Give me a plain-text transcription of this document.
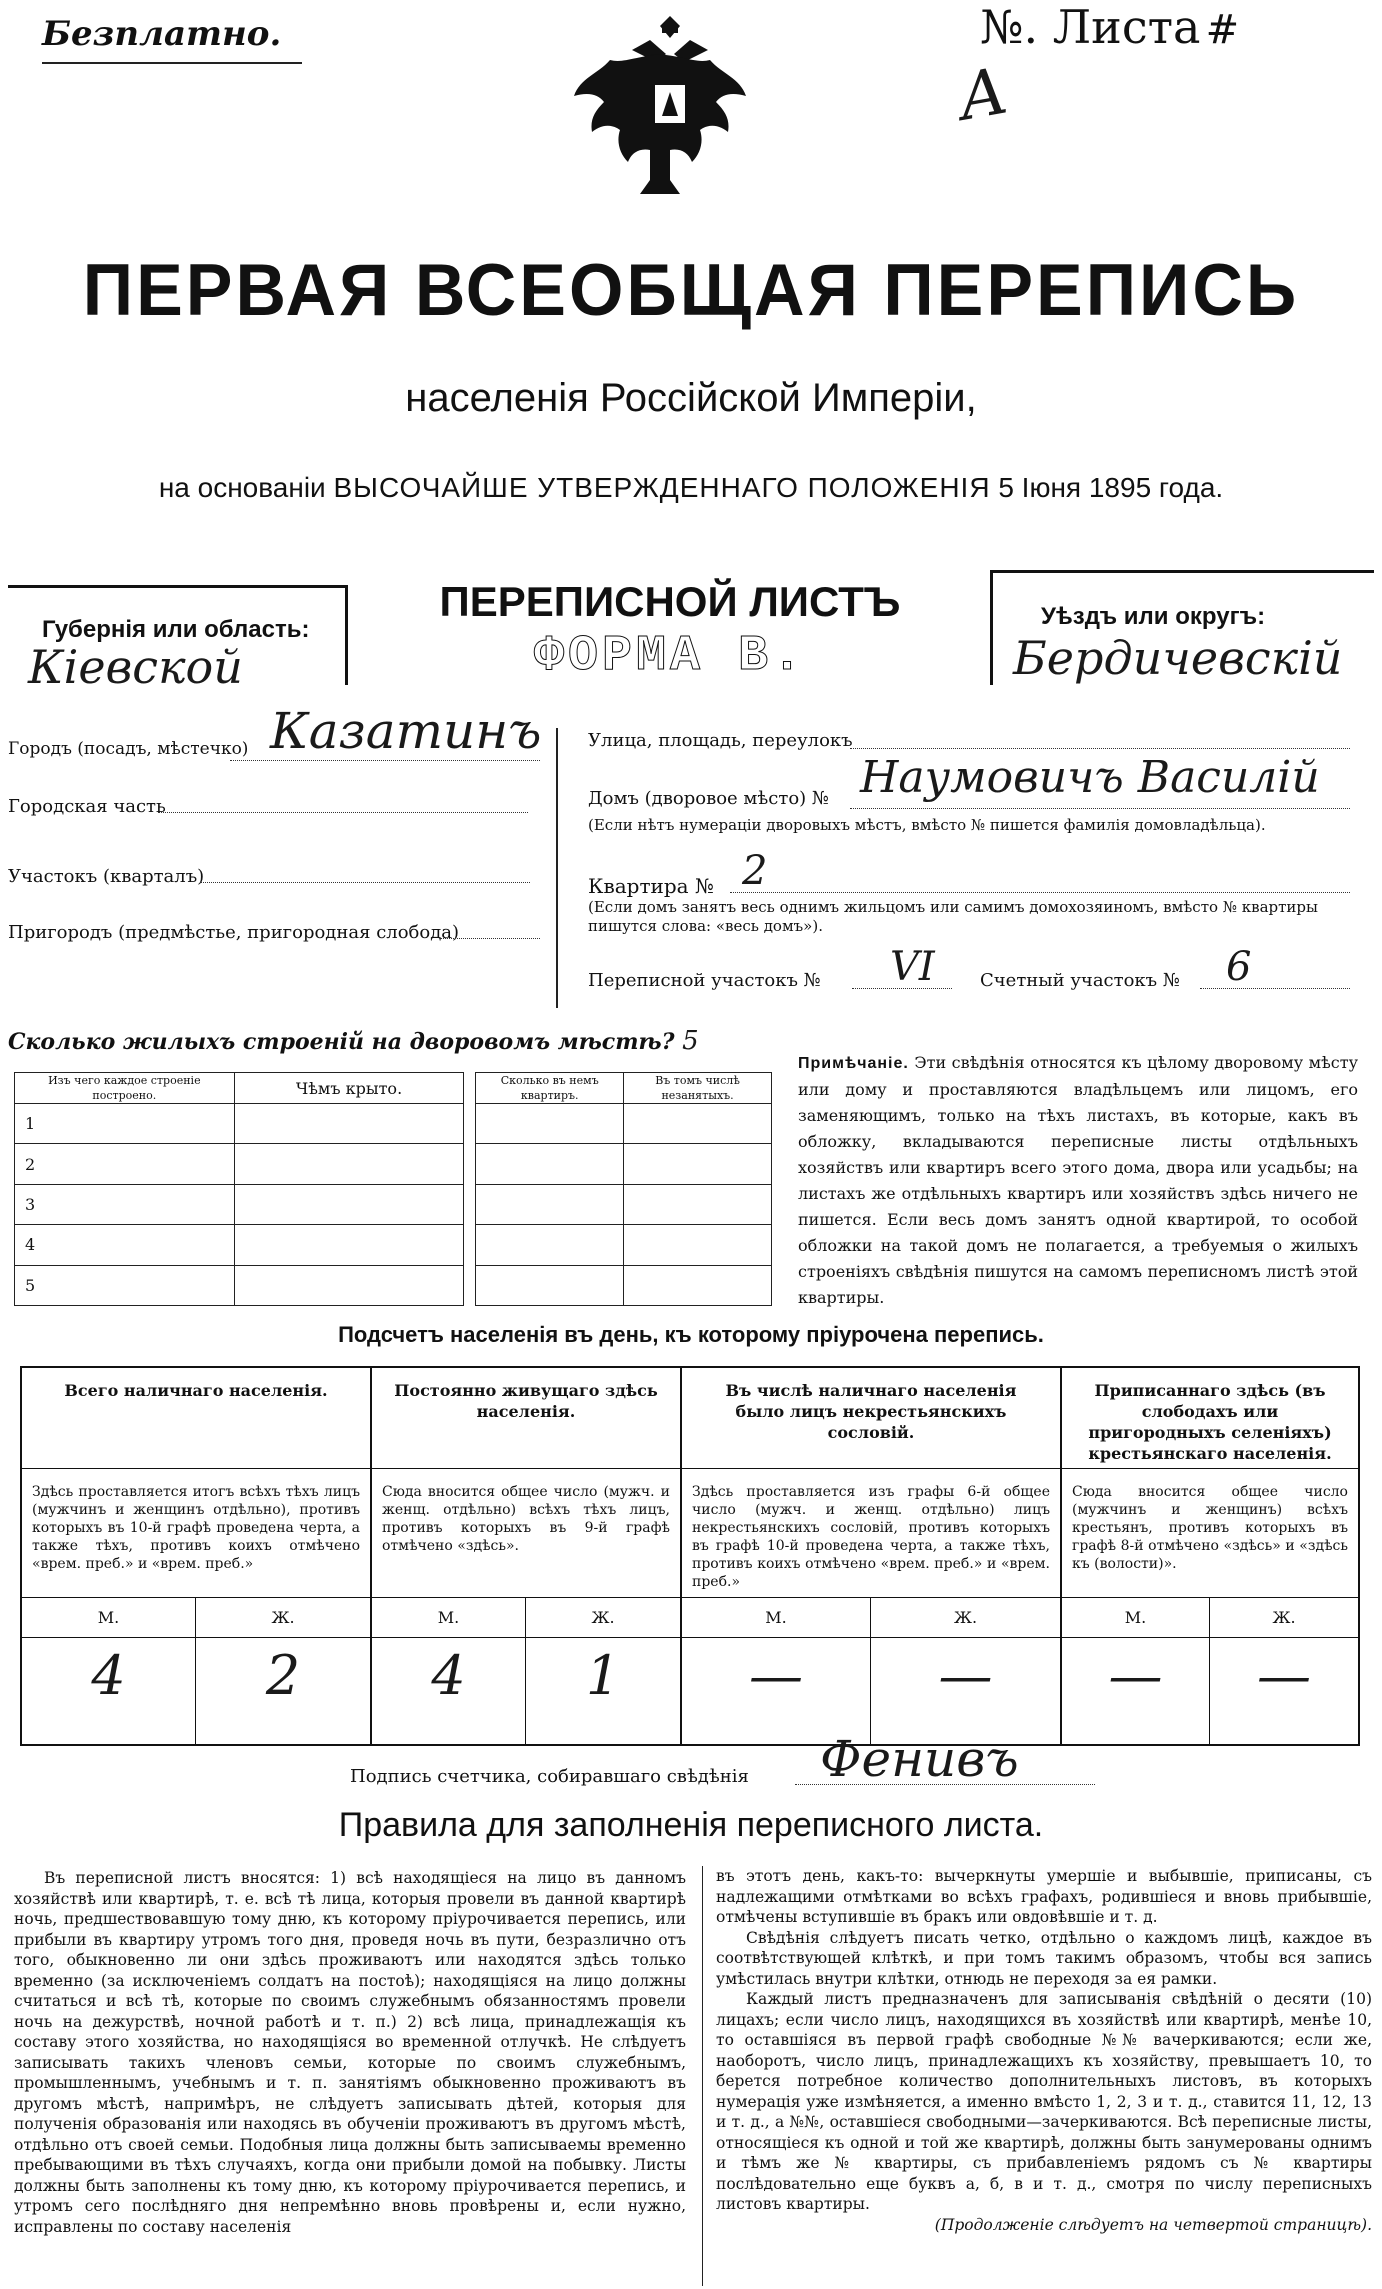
Безплатно.	№. Листа #
A
ПЕРВАЯ ВСЕОБЩАЯ ПЕРЕПИСЬ
населенія Россійской Имперіи,
на основаніи ВЫСОЧАЙШЕ УТВЕРЖДЕННАГО ПОЛОЖЕНІЯ 5 Іюня 1895 года.
Губернія или область:
Кіевской
ПЕРЕПИСНОЙ ЛИСТЪ
ФОРМА В.
Уѣздъ или округъ:
Бердичевскій
Городъ (посадъ, мѣстечко) Казатинъ
Городская часть
Участокъ (кварталъ)
Пригородъ (предмѣстье, пригородная слобода)
Улица, площадь, переулокъ
Домъ (дворовое мѣсто) № Наумовичъ Василій
(Если нѣтъ нумераціи дворовыхъ мѣстъ, вмѣсто № пишется фамилія домовладѣльца).
Квартира № 2
(Если домъ занятъ весь однимъ жильцомъ или самимъ домохозяиномъ, вмѣсто № квартиры пишутся слова: «весь домъ»).
Переписной участокъ № VI	Счетный участокъ № 6
Сколько жилыхъ строеній на дворовомъ мѣстѣ? 5
Изъ чего каждое строеніе построено.	Чѣмъ крыто.		Сколько въ немъ квартиръ.	Въ томъ числѣ незанятыхъ.
1				
2				
3				
4				
5				
Примѣчаніе. Эти свѣдѣнія относятся къ цѣлому дворовому мѣсту или дому и проставляются владѣльцемъ или лицомъ, его заменяющимъ, только на тѣхъ листахъ, въ которые, какъ въ обложку, вкладываются переписные листы отдѣльныхъ хозяйствъ или квартиръ всего этого дома, двора или усадьбы; на листахъ же отдѣльныхъ квартиръ или хозяйствъ здѣсь ничего не пишется. Если весь домъ занятъ одной квартирой, то особой обложки на такой домъ не полагается, а требуемыя о жилыхъ строеніяхъ свѣдѣнія пишутся на самомъ переписномъ листѣ этой квартиры.
Подсчетъ населенія въ день, къ которому пріурочена перепись.
Всего наличнаго населенія.
Здѣсь проставляется итогъ всѣхъ тѣхъ лицъ (мужчинъ и женщинъ отдѣльно), противъ которыхъ въ 10-й графѣ проведена черта, а также тѣхъ, противъ коихъ отмѣчено «врем. преб.» и «врем. преб.»
М.	Ж.
4	2
Постоянно живущаго здѣсь населенія.
Сюда вносится общее число (мужч. и женщ. отдѣльно) всѣхъ тѣхъ лицъ, противъ которыхъ въ 9-й графѣ отмѣчено «здѣсь».
М.	Ж.
4	1
Въ числѣ наличнаго населенія было лицъ некрестьянскихъ сословій.
Здѣсь проставляется изъ графы 6-й общее число (мужч. и женщ. отдѣльно) лицъ некрестьянскихъ сословій, противъ которыхъ въ графѣ 10-й проведена черта, а также тѣхъ, противъ коихъ отмѣчено «врем. преб.» и «врем. преб.»
М.	Ж.
—	—
Приписаннаго здѣсь (въ слободахъ или пригородныхъ селеніяхъ) крестьянскаго населенія.
Сюда вносится общее число (мужчинъ и женщинъ) всѣхъ крестьянъ, противъ которыхъ въ графѣ 8-й отмѣчено «здѣсь» и «здѣсь къ (волости)».
М.	Ж.
—	—
Подпись счетчика, собиравшаго свѣдѣнія Фенивъ
Правила для заполненія переписного листа.
Въ переписной листъ вносятся: 1) всѣ находящіеся на лицо въ данномъ хозяйствѣ или квартирѣ, т. е. всѣ тѣ лица, которыя провели въ данной квартирѣ ночь, предшествовавшую тому дню, къ которому пріурочивается перепись, или прибыли въ квартиру утромъ того дня, проведя ночь въ пути, безразлично отъ того, обыкновенно ли они здѣсь проживаютъ или находятся здѣсь только временно (за исключеніемъ солдатъ на постоѣ); находящіяся на лицо должны считаться и всѣ тѣ, которые по своимъ служебнымъ обязанностямъ провели ночь на дежурствѣ, ночной работѣ и т. п.) 2) всѣ лица, принадлежащія къ составу этого хозяйства, но находящіяся во временной отлучкѣ. Не слѣдуетъ записывать такихъ членовъ семьи, которые по своимъ служебнымъ, промышленнымъ, учебнымъ и т. п. занятіямъ обыкновенно проживаютъ въ другомъ мѣстѣ, напримѣръ, не слѣдуетъ записывать дѣтей, которыя для полученія образованія или находясь въ обученіи проживаютъ въ другомъ мѣстѣ, отдѣльно отъ своей семьи. Подобныя лица должны быть записываемы временно пребывающими въ тѣхъ случаяхъ, когда они прибыли домой на побывку. Листы должны быть заполнены къ тому дню, къ которому пріурочивается перепись, и утромъ сего послѣдняго дня непремѣнно вновь провѣрены и, если нужно, исправлены по составу населенія
въ этотъ день, какъ-то: вычеркнуты умершіе и выбывшіе, приписаны, съ надлежащими отмѣтками во всѣхъ графахъ, родившіеся и вновь прибывшіе, отмѣчены вступившіе въ бракъ или овдовѣвшіе и т. д.
Свѣдѣнія слѣдуетъ писать четко, отдѣльно о каждомъ лицѣ, каждое въ соотвѣтствующей клѣткѣ, и при томъ такимъ образомъ, чтобы вся запись умѣстилась внутри клѣтки, отнюдь не переходя за ея рамки.
Каждый листъ предназначенъ для записыванія свѣдѣній о десяти (10) лицахъ; если число лицъ, находящихся въ хозяйствѣ или квартирѣ, менѣе 10, то оставшіяся въ первой графѣ свободные №№ вачеркиваются; если же, наоборотъ, число лицъ, принадлежащихъ къ хозяйству, превышаетъ 10, то берется потребное количество дополнительныхъ листовъ, въ которыхъ нумерація уже измѣняется, а именно вмѣсто 1, 2, 3 и т. д., ставится 11, 12, 13 и т. д., а №№, оставшіеся свободными—зачеркиваются. Всѣ переписные листы, относящіеся къ одной и той же квартирѣ, должны быть занумерованы однимъ и тѣмъ же № квартиры, съ прибавленіемъ рядомъ съ № квартиры послѣдовательно еще буквъ а, б, в и т. д., смотря по числу переписныхъ листовъ квартиры.
(Продолженіе слѣдуетъ на четвертой страницѣ).
